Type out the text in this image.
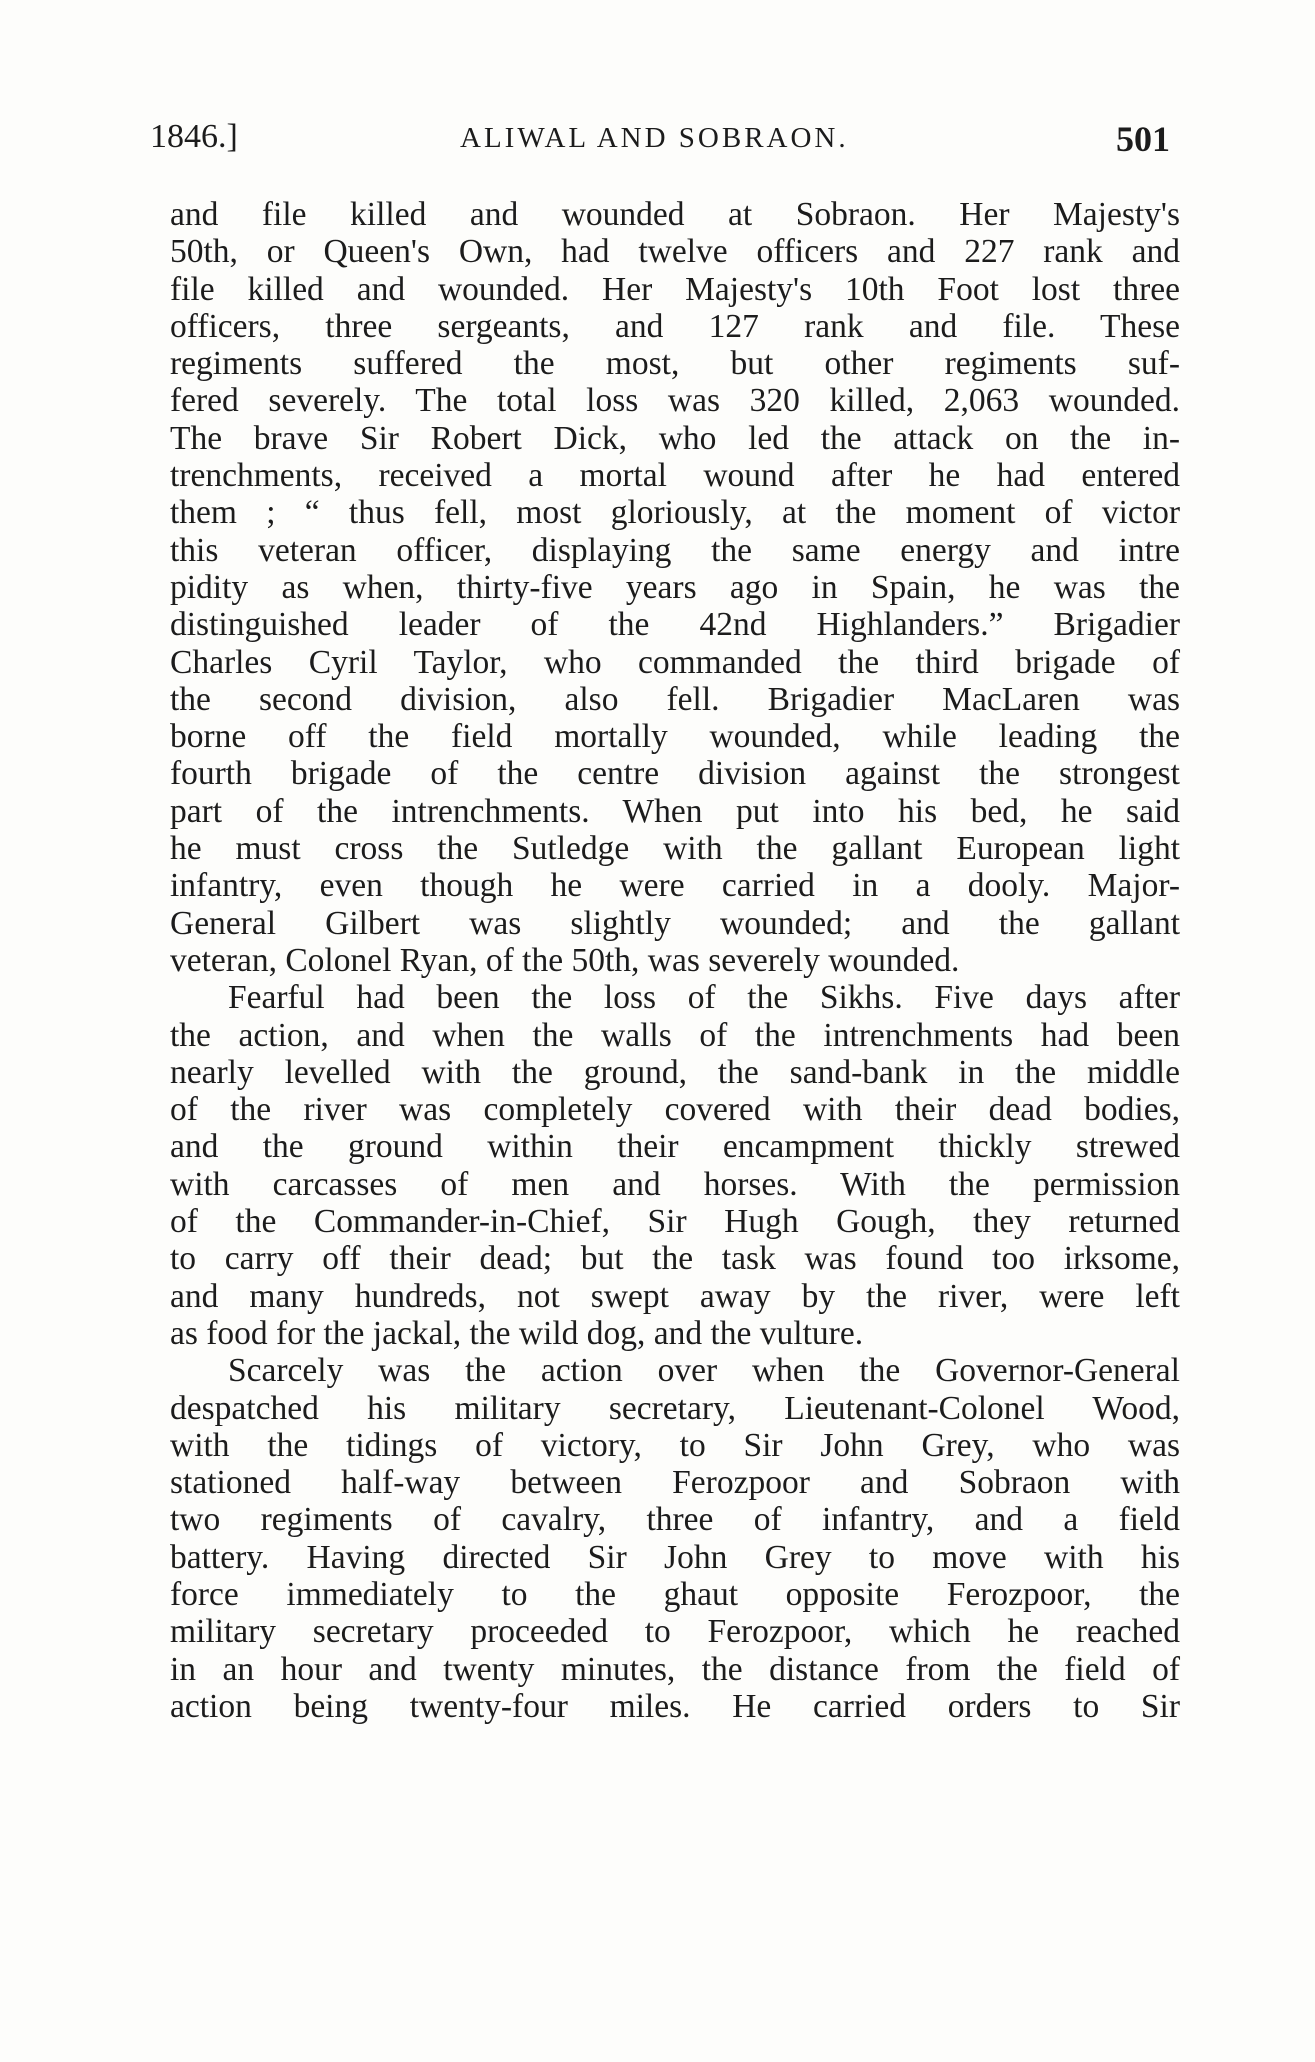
1846.]	ALIWAL AND SOBRAON.	501
and file killed and wounded at Sobraon. Her Majesty's
50th, or Queen's Own, had twelve officers and 227 rank and
file killed and wounded. Her Majesty's 10th Foot lost three
officers, three sergeants, and 127 rank and file. These
regiments suffered the most, but other regiments suf-
fered severely. The total loss was 320 killed, 2,063 wounded.
The brave Sir Robert Dick, who led the attack on the in-
trenchments, received a mortal wound after he had entered
them ; “ thus fell, most gloriously, at the moment of victor
this veteran officer, displaying the same energy and intre
pidity as when, thirty-five years ago in Spain, he was the
distinguished leader of the 42nd Highlanders.” Brigadier
Charles Cyril Taylor, who commanded the third brigade of
the second division, also fell. Brigadier MacLaren was
borne off the field mortally wounded, while leading the
fourth brigade of the centre division against the strongest
part of the intrenchments. When put into his bed, he said
he must cross the Sutledge with the gallant European light
infantry, even though he were carried in a dooly. Major-
General Gilbert was slightly wounded; and the gallant
veteran, Colonel Ryan, of the 50th, was severely wounded.
Fearful had been the loss of the Sikhs. Five days after
the action, and when the walls of the intrenchments had been
nearly levelled with the ground, the sand-bank in the middle
of the river was completely covered with their dead bodies,
and the ground within their encampment thickly strewed
with carcasses of men and horses. With the permission
of the Commander-in-Chief, Sir Hugh Gough, they returned
to carry off their dead; but the task was found too irksome,
and many hundreds, not swept away by the river, were left
as food for the jackal, the wild dog, and the vulture.
Scarcely was the action over when the Governor-General
despatched his military secretary, Lieutenant-Colonel Wood,
with the tidings of victory, to Sir John Grey, who was
stationed half-way between Ferozpoor and Sobraon with
two regiments of cavalry, three of infantry, and a field
battery. Having directed Sir John Grey to move with his
force immediately to the ghaut opposite Ferozpoor, the
military secretary proceeded to Ferozpoor, which he reached
in an hour and twenty minutes, the distance from the field of
action being twenty-four miles. He carried orders to Sir
